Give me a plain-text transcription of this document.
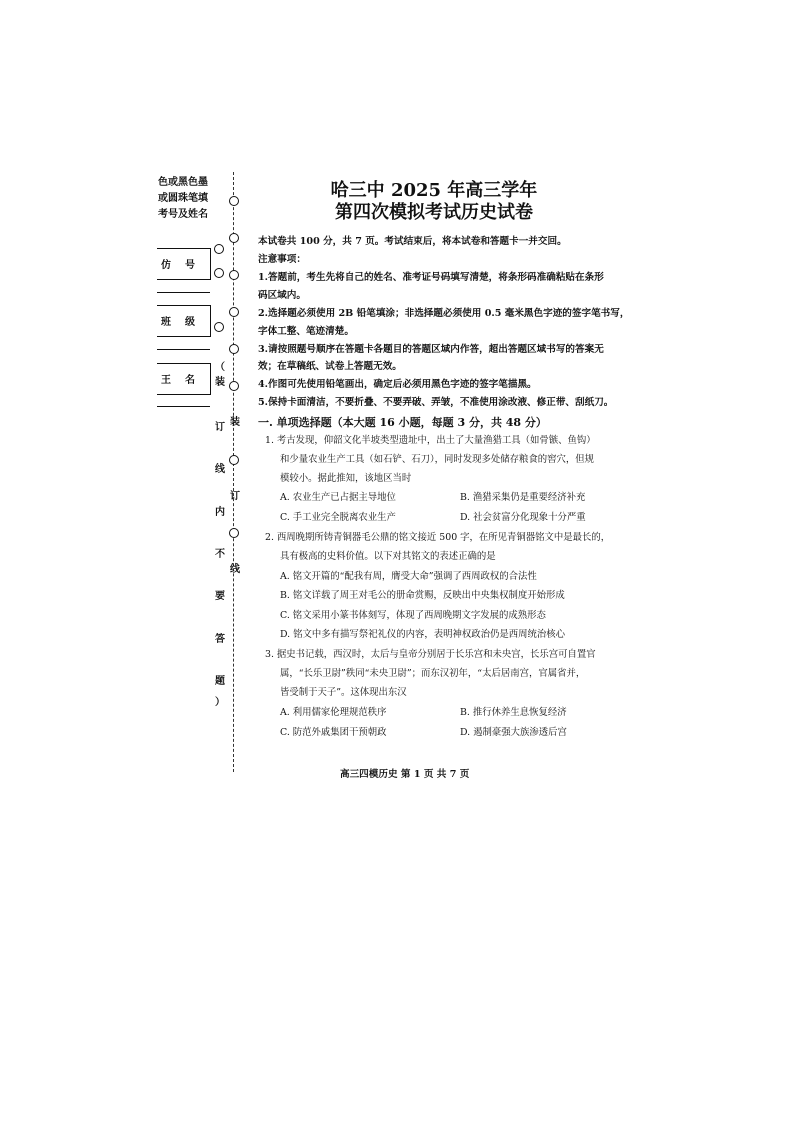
色或黑色墨
或圆珠笔填
考号及姓名
仿 号
班 级
王 名
（
装
订
线
内
不
要
答
题
）
装
订
线
哈三中 2025 年高三学年
第四次模拟考试历史试卷
本试卷共 100 分，共 7 页。考试结束后，将本试卷和答题卡一并交回。
注意事项：
1.答题前，考生先将自己的姓名、准考证号码填写清楚，将条形码准确粘贴在条形
码区域内。
2.选择题必须使用 2B 铅笔填涂；非选择题必须使用 0.5 毫米黑色字迹的签字笔书写，
字体工整、笔迹清楚。
3.请按照题号顺序在答题卡各题目的答题区域内作答，超出答题区域书写的答案无
效；在草稿纸、试卷上答题无效。
4.作图可先使用铅笔画出，确定后必须用黑色字迹的签字笔描黑。
5.保持卡面清洁，不要折叠、不要弄破、弄皱，不准使用涂改液、修正带、刮纸刀。
一. 单项选择题（本大题 16 小题，每题 3 分，共 48 分）
1. 考古发现，仰韶文化半坡类型遗址中，出土了大量渔猎工具（如骨镞、鱼钩）
和少量农业生产工具（如石铲、石刀），同时发现多处储存粮食的窖穴，但规
模较小。据此推知，该地区当时
A. 农业生产已占据主导地位	B. 渔猎采集仍是重要经济补充
C. 手工业完全脱离农业生产	D. 社会贫富分化现象十分严重
2. 西周晚期所铸青铜器毛公鼎的铭文接近 500 字，在所见青铜器铭文中是最长的，
具有极高的史料价值。以下对其铭文的表述正确的是
A. 铭文开篇的“配我有周，膺受大命”强调了西周政权的合法性
B. 铭文详载了周王对毛公的册命赏赐，反映出中央集权制度开始形成
C. 铭文采用小篆书体刻写，体现了西周晚期文字发展的成熟形态
D. 铭文中多有描写祭祀礼仪的内容，表明神权政治仍是西周统治核心
3. 据史书记载，西汉时，太后与皇帝分别居于长乐宫和未央宫，长乐宫可自置官
属，“长乐卫尉”秩同“未央卫尉”；而东汉初年，“太后居南宫，官属省并，
皆受制于天子”。这体现出东汉
A. 利用儒家伦理规范秩序	B. 推行休养生息恢复经济
C. 防范外戚集团干预朝政	D. 遏制豪强大族渗透后宫
高三四模历史 第 1 页 共 7 页
